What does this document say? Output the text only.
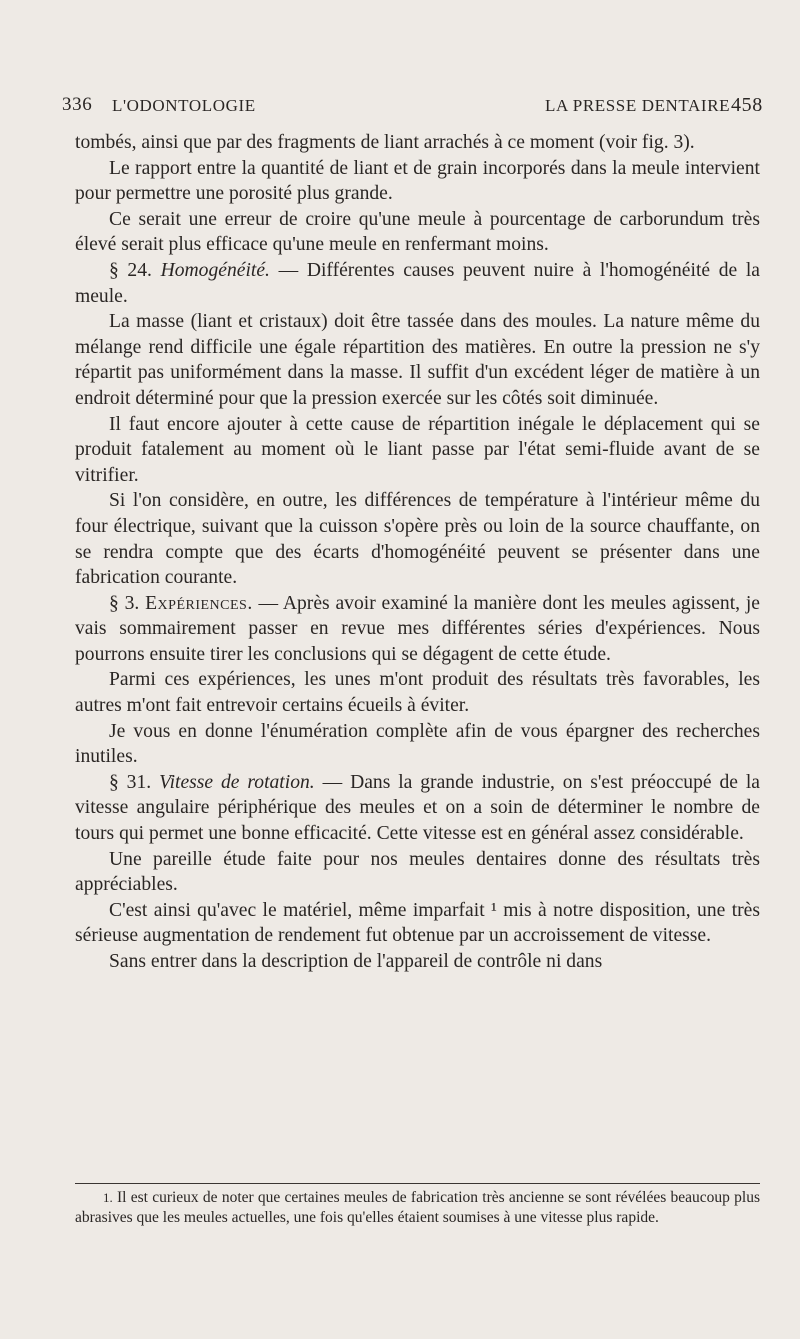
336 L'ODONTOLOGIE	LA PRESSE DENTAIRE 458

tombés, ainsi que par des fragments de liant arrachés à ce moment (voir fig. 3).

Le rapport entre la quantité de liant et de grain incorporés dans la meule intervient pour permettre une porosité plus grande.

Ce serait une erreur de croire qu'une meule à pourcentage de carborundum très élevé serait plus efficace qu'une meule en renfermant moins.

§ 24. Homogénéité. — Différentes causes peuvent nuire à l'homogénéité de la meule.

La masse (liant et cristaux) doit être tassée dans des moules. La nature même du mélange rend difficile une égale répartition des matières. En outre la pression ne s'y répartit pas uniformément dans la masse. Il suffit d'un excédent léger de matière à un endroit déterminé pour que la pression exercée sur les côtés soit diminuée.

Il faut encore ajouter à cette cause de répartition inégale le déplacement qui se produit fatalement au moment où le liant passe par l'état semi-fluide avant de se vitrifier.

Si l'on considère, en outre, les différences de température à l'intérieur même du four électrique, suivant que la cuisson s'opère près ou loin de la source chauffante, on se rendra compte que des écarts d'homogénéité peuvent se présenter dans une fabrication courante.

§ 3. Expériences. — Après avoir examiné la manière dont les meules agissent, je vais sommairement passer en revue mes différentes séries d'expériences. Nous pourrons ensuite tirer les conclusions qui se dégagent de cette étude.

Parmi ces expériences, les unes m'ont produit des résultats très favorables, les autres m'ont fait entrevoir certains écueils à éviter.

Je vous en donne l'énumération complète afin de vous épargner des recherches inutiles.

§ 31. Vitesse de rotation. — Dans la grande industrie, on s'est préoccupé de la vitesse angulaire périphérique des meules et on a soin de déterminer le nombre de tours qui permet une bonne efficacité. Cette vitesse est en général assez considérable.

Une pareille étude faite pour nos meules dentaires donne des résultats très appréciables.

C'est ainsi qu'avec le matériel, même imparfait ¹ mis à notre disposition, une très sérieuse augmentation de rendement fut obtenue par un accroissement de vitesse.

Sans entrer dans la description de l'appareil de contrôle ni dans

1. Il est curieux de noter que certaines meules de fabrication très ancienne se sont révélées beaucoup plus abrasives que les meules actuelles, une fois qu'elles étaient soumises à une vitesse plus rapide.
